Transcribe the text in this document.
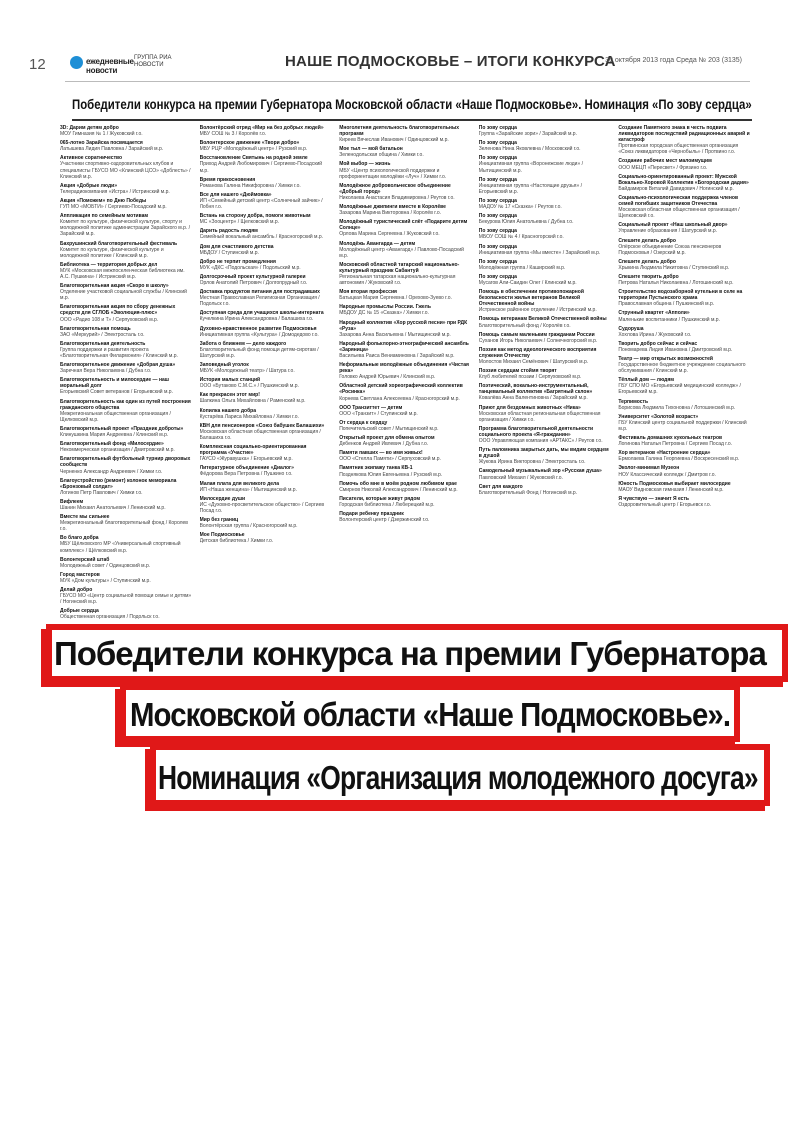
12	ежедневные новости
ГРУППА РИА НОВОСТИ	НАШЕ ПОДМОСКОВЬЕ – ИТОГИ КОНКУРСА
30 октября 2013 года Среда № 203 (3135)
Победители конкурса на премии Губернатора Московской области «Наше Подмосковье». Номинация «По зову сердца»
3D: Дарим детям добро
МОУ Гимназия № 1 / Жуковский г.о.
065-лотно Зарайска посвящается
Латышева Лидия Павловна / Зарайский м.р.
Активное соратничество
Участники спортивно-оздоровительных клубов и специалисты ГБУСО МО «Клинский ЦСО» «Доблесть» / Клинский м.р.
Акция «Добрые люди»
Телерадиокомпания «Истра» / Истринский м.р.
Акция «Поможем» по Дню Победы
ГУП МО «МОБТИ» / Сергиево-Посадский м.р.
Аппликация по семейным мотивам
Комитет по культуре, физической культуре, спорту и молодежной политике администрации Зарайского м.р. / Зарайский м.р.
Бахрушинский благотворительный фестиваль
Комитет по культуре, физической культуре и молодежной политике / Клинский м.р.
Библиотека — территория добрых дел
МУК «Московская межпоселенческая библиотека им. А.С. Пушкина» / Истринский м.р.
Благотворительная акция «Скоро в школу»
Отделение участковой социальной службы / Клинский м.р.
Благотворительная акция по сбору денежных средств для СГЛОБ «Эволюция-плюс»
ООО «Радио 108 и Т» / Серпуховский м.р.
Благотворительная помощь
ЗАО «Меркурий» / Электросталь г.о.
Благотворительная деятельность
Группа поддержки и развития проекта «Благотворительная Филармония» / Клинский м.р.
Благотворительное движение «Добрая душа»
Заречная Вера Николаевна / Дубна г.о.
Благотворительность и милосердие — наш моральный долг
Егорьевский Совет ветеранов / Егорьевский м.р.
Благотворительность как один из путей построения гражданского общества
Межрегиональная общественная организация / Щелковский м.р.
Благотворительный проект «Праздник доброты»
Клинушкина Мария Андреевна / Клинский м.р.
Благотворительный фонд «Милосердие»
Некоммерческая организация / Дмитровский м.р.
Благотворительный футбольный турнир дворовых сообществ
Черненко Александр Андреевич / Химки г.о.
Благоустройство (ремонт) колонок мемориала «Бронзовый солдат»
Логинов Петр Павлович / Химки г.о.
Вифлеем
Шанин Михаил Анатольевич / Ленинский м.р.
Вместе мы сильнее
Межрегиональный благотворительный фонд / Королев г.о.
Во благо добра
МБУ Щёлковского МР «Универсальный спортивный комплекс» / Щёлковский м.р.
Волонтерский штаб
Молодежный совет / Одинцовский м.р.
Город мастеров
МУК «Дом культуры» / Ступинский м.р.
Делай добро
ГБУСО МО «Центр социальной помощи семье и детям» / Ногинский м.р.
Добрые сердца
Общественная организация / Подольск г.о.
Волонтёрский отряд «Мир на без добрых людей»
МБУ СОШ № 3 / Королёв г.о.
Волонтерское движение «Твори добро»
МБУ РЦР «Молодёжный центр» / Рузский м.р.
Восстановление Святынь на родной земле
Приход Андрей Любомирович / Сергиево-Посадский м.р.
Время прикосновения
Романова Галина Никифоровна / Химки г.о.
Все для нашего «Дюймовка»
ИП «Семейный детский центр «Солнечный зайчик» / Лобня г.о.
Встань на сторону добра, помоги животным
МС «Зооцентр» / Щелковский м.р.
Дарить радость людям
Семейный вокальный ансамбль / Красногорский м.р.
Дом для счастливого детства
МБДОУ / Ступинский м.р.
Добро не терпит промедления
МУК «ДКС «Подольская» / Подольский м.р.
Долгосрочный проект культурной галереи
Орлов Анатолий Петрович / Долгопрудный г.о.
Доставка продуктов питания для пострадавших
Местная Православная Религиозная Организация / Подольск г.о.
Доступная среда для учащихся школы-интерната
Кучелкина Ирина Александровна / Балашиха г.о.
Духовно-нравственное развитие Подмосковья
Инициативная группа «Культура» / Домодедово г.о.
Забота о ближнем — дело каждого
Благотворительный фонд помощи детям-сиротам / Шатурский м.р.
Заповедный уголок
МБУК «Молодежный театр» / Шатура г.о.
История малых станций
ООО «Бутаково С.М.С.» / Пушкинский м.р.
Как прекрасен этот мир!
Шапкина Ольга Михайловна / Раменский м.р.
Копилка нашего добра
Кустарёва Лариса Михайловна / Химки г.о.
КВН для пенсионеров «Союз бабушек Балашихи»
Московская областная общественная организация / Балашиха г.о.
Комплексная социально-ориентированная программа «Участие»
ГАУСО «Журавушка» / Егорьевский м.р.
Литературное объединение «Диалог»
Фёдорова Вера Петровна / Пушкино г.о.
Малая плата для великого дела
ИП «Наша женщина» / Мытищинский м.р.
Милосердие души
ИС «Духовно-просветительское общество» / Сергиев Посад г.о.
Мир без границ
Волонтёрская группа / Красногорский м.р.
Мое Подмосковье
Детская библиотека / Химки г.о.
Многолетняя деятельность благотворительных программ
Киреев Вячеслав Иванович / Одинцовский м.р.
Мое тыл — мой батальон
Зеленодольская община / Химки г.о.
Мой выбор — жизнь
МБУ «Центр психологической поддержки и профориентации молодёжи «Луч» / Химки г.о.
Молодёжное добровольческое объединение «Добрый город»
Николаева Анастасия Владимировна / Реутов г.о.
Молодёжные джипинги вместе в Королёве
Захарова Марина Викторовна / Королёв г.о.
Молодёжный туристический слёт «Подарите детям Солнце»
Орлова Марина Сергеевна / Жуковский г.о.
Молодёжь Авангарда — детям
Молодёжный центр «Авангард» / Павлово-Посадский м.р.
Московский областной татарский национально-культурный праздник Сабантуй
Региональная татарская национально-культурная автономия / Жуковский г.о.
Моя вторая профессия
Батыцкая Мария Сергеевна / Орехово-Зуево г.о.
Народные промыслы России. Гжель
МБДОУ ДС № 15 «Сказка» / Химки г.о.
Народный коллектив «Хор русской песни» при РДК «Руза»
Захарова Анна Васильевна / Мытищинский м.р.
Народный фольклорно-этнографический ансамбль «Заряница»
Васильева Раиса Вениаминовна / Зарайский м.р.
Неформальные молодёжные объединения «Чистая река»
Головко Андрей Юрьевич / Клинский м.р.
Областной детский хореографический коллектив «Росинка»
Корнева Светлана Алексеевна / Красногорский м.р.
ООО Транзиттет — детям
ООО «Транзит» / Ступинский м.р.
От сердца к сердцу
Попечительский совет / Мытищинский м.р.
Открытый проект для обмена опытом
Дебенков Андрей Ивлевич / Дубна г.о.
Памяти павших — во имя живых!
ООО «Стелла Памяти» / Серпуховский м.р.
Памятник экипажу танка КВ-1
Позднякова Юлия Евгеньевна / Рузский м.р.
Помочь обо мне в моём родном любимом крае
Смирнов Николай Александрович / Ленинский м.р.
Писатели, которые живут рядом
Городская библиотека / Люберецкий м.р.
Подари ребенку праздник
Волонтерский центр / Дзержинский г.о.
По зову сердца
Группа «Зарайские зори» / Зарайский м.р.
По зову сердца
Зеленова Нина Яковлевна / Московский г.о.
По зову сердца
Инициативная группа «Воронежские люди» / Мытищинский м.р.
По зову сердца
Инициативная группа «Настоящие друзья» / Егорьевский м.р.
По зову сердца
МАДОУ № 17 «Сказка» / Реутов г.о.
По зову сердца
Бекурова Юлия Анатольевна / Дубна г.о.
По зову сердца
МБОУ СОШ № 4 / Красногорский г.о.
По зову сердца
Инициативная группа «Мы вместе» / Зарайский м.р.
По зову сердца
Молодёжная группа / Каширский м.р.
По зову сердца
Мусагов Али-Саидин Олег / Клинский м.р.
Помощь в обеспечении противопожарной безопасности жилья ветеранов Великой Отечественной войны
Истринское районное отделение / Истринский м.р.
Помощь ветеранам Великой Отечественной войны
Благотворительный фонд / Королёв г.о.
Помощь самым маленьким гражданам России
Суханов Игорь Николаевич / Солнечногорский м.р.
Поэзия как метод идеологического восприятия служения Отечеству
Молостов Михаил Семёнович / Шатурский м.р.
Поэзия сердцам стоймя творят
Клуб любителей поэзии / Серпуховский м.р.
Поэтический, вокально-инструментальный, танцевальный коллектив «Багрятный склон»
Ковалёва Анна Валентиновна / Зарайский м.р.
Приют для бездомных животных «Ника»
Московская областная региональная общественная организация / Химки г.о.
Программа благотворительной деятельности социального проекта «Я-гражданин»
ООО Управляющая компания «АРТАКС» / Реутов г.о.
Путь паломника закрытых дать, мы видим сердцем в душой
Жукова Ирина Викторовна / Электросталь г.о.
Самодельный музыкальный зор «Русская душа»
Павловский Михаил / Жуковский г.о.
Свет для каждого
Благотворительный Фонд / Ногинский м.р.
Создание Памятного знака в честь подвига ликвидаторов последствий радиационных аварий и катастроф
Протвинская городская общественная организация «Союз ликвидаторов «Чернобыль» / Протвино г.о.
Создание рабочих мест малоимущим
ООО МЕЦП «Пересвет» / Фрязино г.о.
Социально-ориентированный проект: Мужской Вокально-Хоровой Коллектив «Богородская дадия»
Байдамиров Виталий Давидович / Ногинский м.р.
Социально-психологическая поддержка членов семей погибших защитников Отечества
Московская областная общественная организация / Щелковский г.о.
Социальный проект «Наш школьный двор»
Управление образования / Шатурский м.р.
Спешите делать добро
Опёрское объединение Союза пенсионеров Подмосковья / Озерский м.р.
Спешите делать добро
Хрыкина Людмила Никитовна / Ступинский м.р.
Спешите творить добро
Петрова Наталья Николаевна / Лотошинский м.р.
Строительство водозаборной кутельни в селе на территории Пустынского храма
Православная община / Пушкинский м.р.
Струнный квартет «Апполи»
Маленькие воспитанники / Пушкинский м.р.
Судоруша
Хохлова Ирина / Жуковский г.о.
Творить добро сейчас и сейчас
Пономарева Лидия Ивановна / Дмитровский м.р.
Театр — мир открытых возможностей
Государственное бюджетное учреждение социального обслуживания / Клинский м.р.
Тёплый дом — людям
ГБУ СПО МО «Егорьевский медицинский колледж» / Егорьевский м.р.
Терпимость
Борисова Людмила Тихоновна / Лотошинский м.р.
Университет «Золотой возраст»
ГБУ Клинский центр социальной поддержки / Клинский м.р.
Фестиваль домашних кукольных театров
Логинова Наталья Петровна / Сергиев Посад г.о.
Хор ветеранов «Настроение сердца»
Ермолаева Галина Георгиевна / Воскресенский м.р.
Эколог-минимал Музеон
НОУ Классический колледж / Дмитров г.о.
Юность Подмосковья выбирает милосердие
МАОУ Видновская гимназия / Ленинский м.р.
Я чувствую — значит Я есть
Оздоровительный центр / Егорьевск г.о.
Победители конкурса на премии Губернатора
Московской области «Наше Подмосковье».
Номинация «Организация молодежного досуга»
